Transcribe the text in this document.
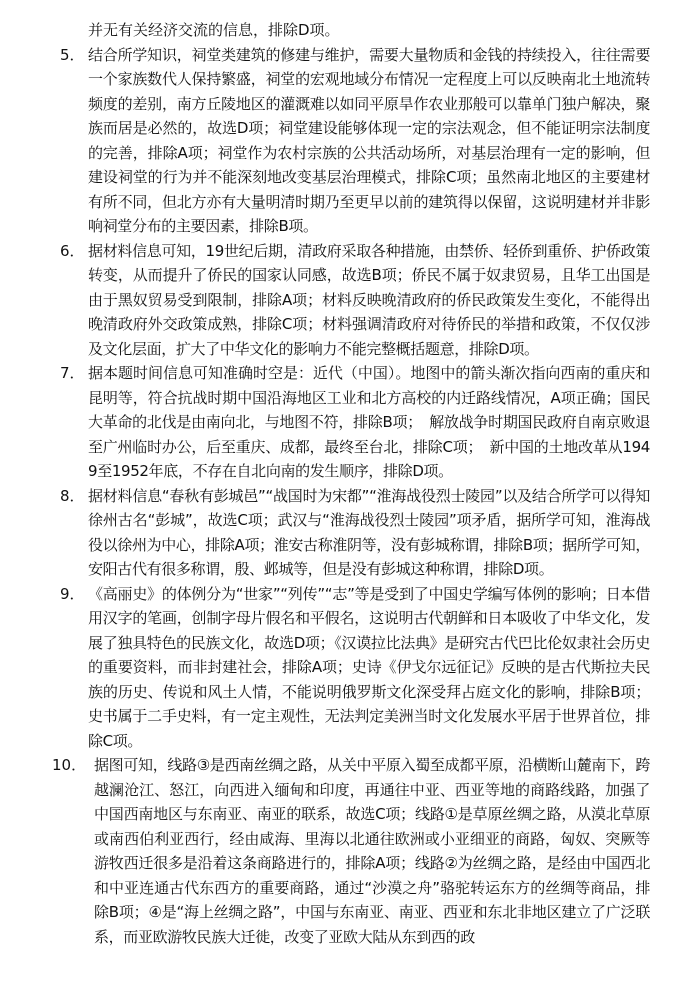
并无有关经济交流的信息，排除D项。

5． 结合所学知识，祠堂类建筑的修建与维护，需要大量物质和金钱的持续投入，往往需要一个家族数代人保持繁盛，祠堂的宏观地域分布情况一定程度上可以反映南北土地流转频度的差别，南方丘陵地区的灌溉难以如同平原旱作农业那般可以靠单门独户解决，聚族而居是必然的，故选D项；祠堂建设能够体现一定的宗法观念，但不能证明宗法制度的完善，排除A项；祠堂作为农村宗族的公共活动场所，对基层治理有一定的影响，但建设祠堂的行为并不能深刻地改变基层治理模式，排除C项；虽然南北地区的主要建材有所不同，但北方亦有大量明清时期乃至更早以前的建筑得以保留，这说明建材并非影响祠堂分布的主要因素，排除B项。
6． 据材料信息可知，19世纪后期，清政府采取各种措施，由禁侨、轻侨到重侨、护侨政策转变，从而提升了侨民的国家认同感，故选B项；侨民不属于奴隶贸易，且华工出国是由于黑奴贸易受到限制，排除A项；材料反映晚清政府的侨民政策发生变化，不能得出晚清政府外交政策成熟，排除C项；材料强调清政府对待侨民的举措和政策，不仅仅涉及文化层面，扩大了中华文化的影响力不能完整概括题意，排除D项。
7． 据本题时间信息可知准确时空是：近代（中国）。地图中的箭头渐次指向西南的重庆和昆明等，符合抗战时期中国沿海地区工业和北方高校的内迁路线情况，A项正确；国民大革命的北伐是由南向北，与地图不符，排除B项；　解放战争时期国民政府自南京败退至广州临时办公，后至重庆、成都，最终至台北，排除C项；　新中国的土地改革从1949至1952年底，不存在自北向南的发生顺序，排除D项。
8． 据材料信息“春秋有彭城邑”“战国时为宋都”“淮海战役烈士陵园”以及结合所学可以得知徐州古名“彭城”，故选C项；武汉与“淮海战役烈士陵园”项矛盾，据所学可知，淮海战役以徐州为中心，排除A项；淮安古称淮阴等，没有彭城称谓，排除B项；据所学可知，安阳古代有很多称谓，殷、邺城等，但是没有彭城这种称谓，排除D项。
9． 《高丽史》的体例分为“世家”“列传”“志”等是受到了中国史学编写体例的影响；日本借用汉字的笔画，创制字母片假名和平假名，这说明古代朝鲜和日本吸收了中华文化，发展了独具特色的民族文化，故选D项；《汉谟拉比法典》是研究古代巴比伦奴隶社会历史的重要资料，而非封建社会，排除A项；史诗《伊戈尔远征记》反映的是古代斯拉夫民族的历史、传说和风土人情，不能说明俄罗斯文化深受拜占庭文化的影响，排除B项；史书属于二手史料，有一定主观性，无法判定美洲当时文化发展水平居于世界首位，排除C项。
10． 据图可知，线路③是西南丝绸之路，从关中平原入蜀至成都平原，沿横断山麓南下，跨越澜沧江、怒江，向西进入缅甸和印度，再通往中亚、西亚等地的商路线路，加强了中国西南地区与东南亚、南亚的联系，故选C项；线路①是草原丝绸之路，从漠北草原或南西伯利亚西行，经由咸海、里海以北通往欧洲或小亚细亚的商路，匈奴、突厥等游牧西迁很多是沿着这条商路进行的，排除A项；线路②为丝绸之路，是经由中国西北和中亚连通古代东西方的重要商路，通过“沙漠之舟”骆驼转运东方的丝绸等商品，排除B项；④是“海上丝绸之路”，中国与东南亚、南亚、西亚和东北非地区建立了广泛联系，而亚欧游牧民族大迁徙，改变了亚欧大陆从东到西的政
